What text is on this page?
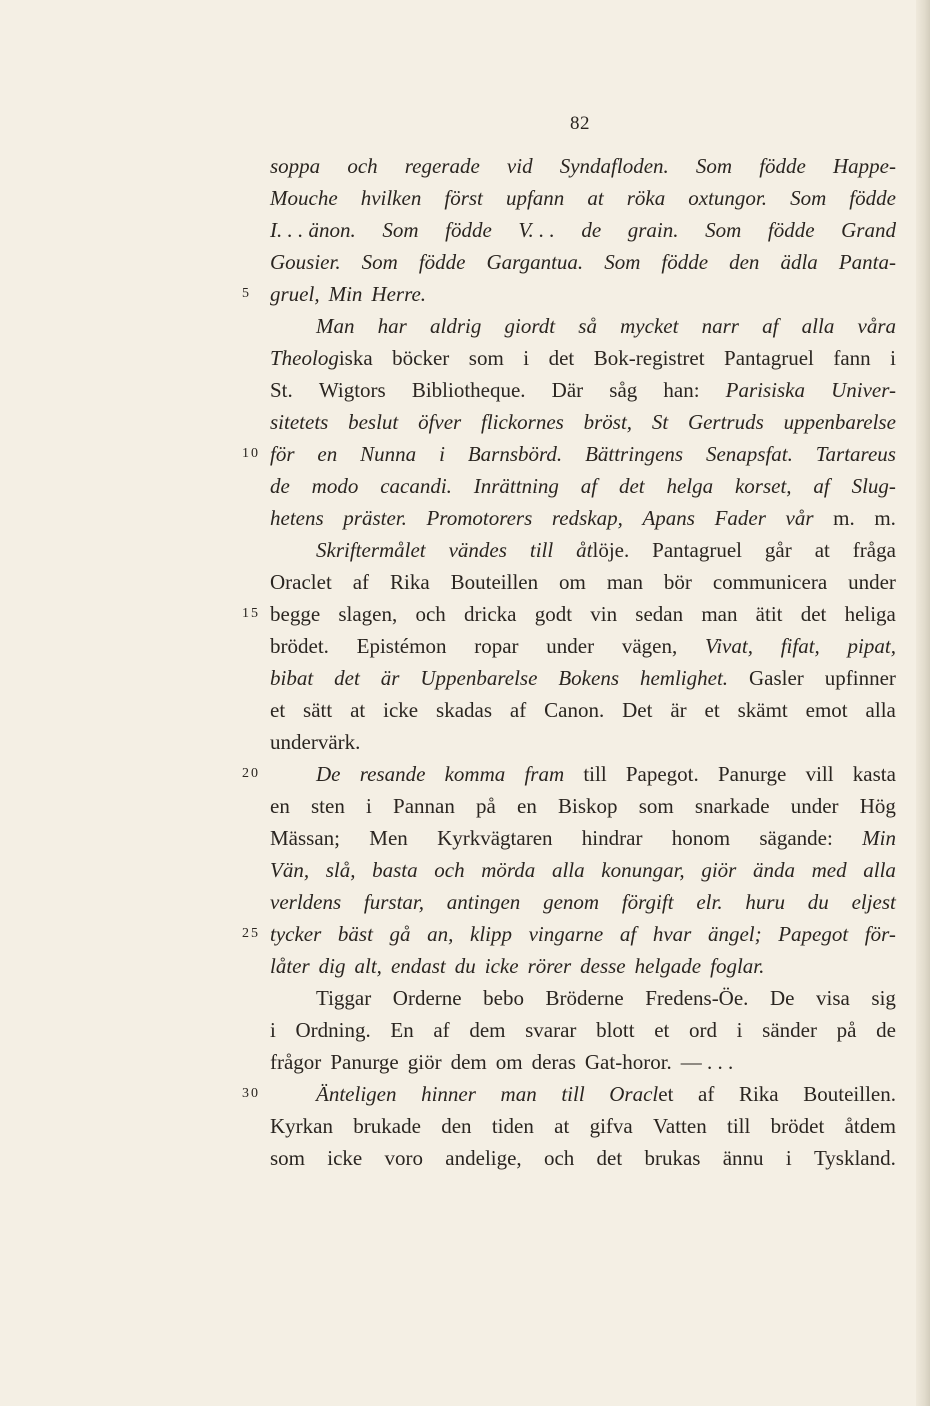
82
soppa och regerade vid Syndafloden. Som födde Happe-
Mouche hvilken först upfann at röka oxtungor. Som födde
I. . . änon. Som födde V. . . de grain. Som födde Grand
Gousier. Som födde Gargantua. Som födde den ädla Panta-
5 gruel, Min Herre.
Man har aldrig giordt så mycket narr af alla våra
Theologiska böcker som i det Bok-registret Pantagruel fann i
St. Wigtors Bibliotheque. Där såg han: Parisiska Univer-
sitetets beslut öfver flickornes bröst, St Gertruds uppenbarelse
10 för en Nunna i Barnsbörd. Bättringens Senapsfat. Tartareus
de modo cacandi. Inrättning af det helga korset, af Slug-
hetens präster. Promotorers redskap, Apans Fader vår m. m.
Skriftermålet vändes till åtlöje. Pantagruel går at fråga
Oraclet af Rika Bouteillen om man bör communicera under
15 begge slagen, och dricka godt vin sedan man ätit det heliga
brödet. Epistémon ropar under vägen, Vivat, fifat, pipat,
bibat det är Uppenbarelse Bokens hemlighet. Gasler upfinner
et sätt at icke skadas af Canon. Det är et skämt emot alla
undervärk.
20	De resande komma fram till Papegot. Panurge vill kasta
en sten i Pannan på en Biskop som snarkade under Hög
Mässan; Men Kyrkvägtaren hindrar honom sägande: Min
Vän, slå, basta och mörda alla konungar, giör ända med alla
verldens furstar, antingen genom förgift elr. huru du eljest
25 tycker bäst gå an, klipp vingarne af hvar ängel; Papegot för-
låter dig alt, endast du icke rörer desse helgade foglar.
Tiggar Orderne bebo Bröderne Fredens-Öe. De visa sig
i Ordning. En af dem svarar blott et ord i sänder på de
frågor Panurge giör dem om deras Gat-horor. — . . .
30	Änteligen hinner man till Oraclet af Rika Bouteillen.
Kyrkan brukade den tiden at gifva Vatten till brödet åtdem
som icke voro andelige, och det brukas ännu i Tyskland.
